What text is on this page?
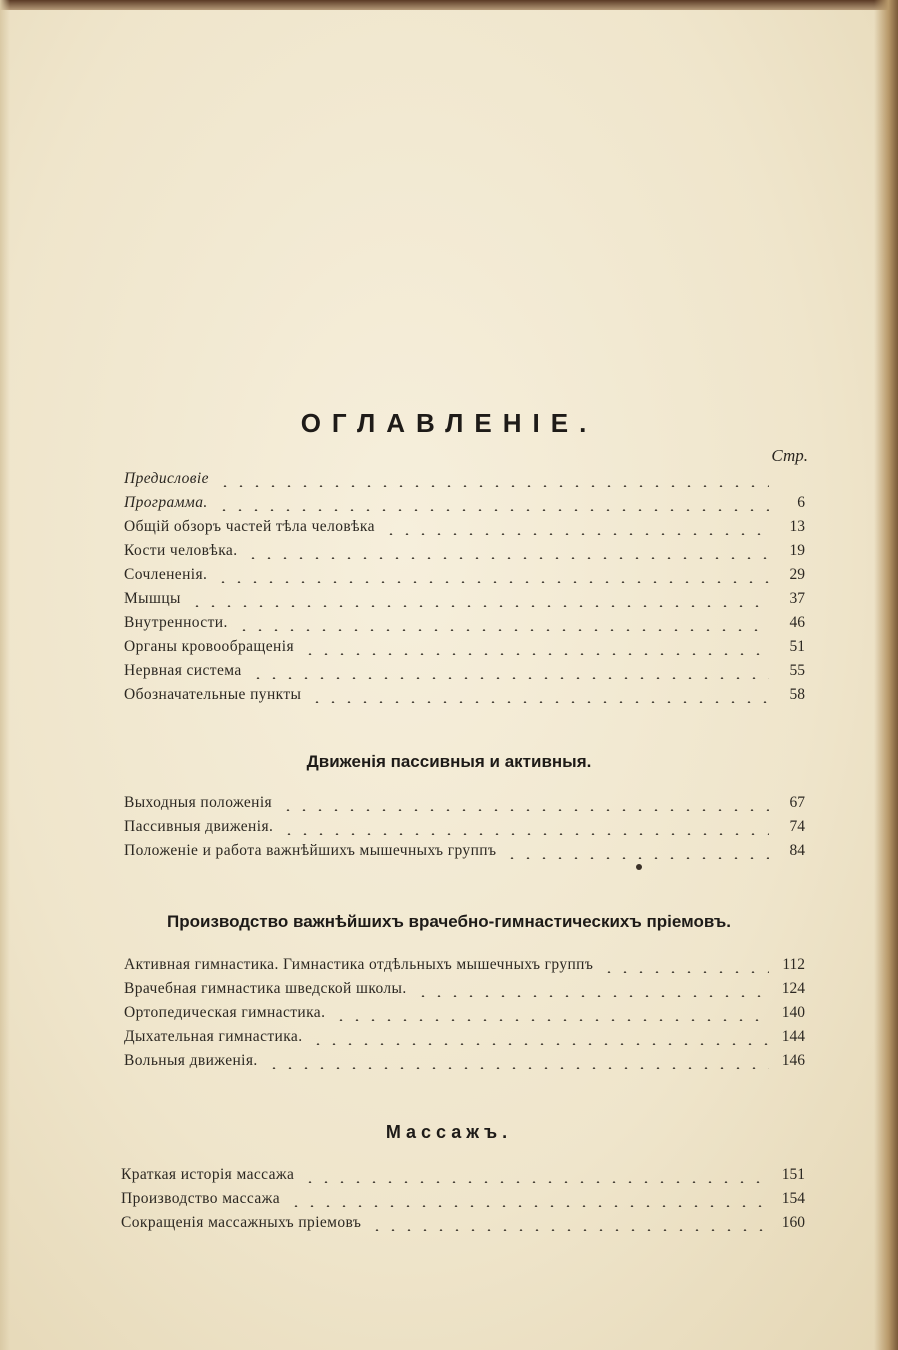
ОГЛАВЛЕНІЕ.
Стр.
Предисловіе
Программа.	6
Общій обзоръ частей тѣла человѣка	13
Кости человѣка.	19
Сочлененія.	29
Мышцы	37
Внутренности.	46
Органы кровообращенія	51
Нервная система	55
Обозначательные пункты	58
Движенія пассивныя и активныя.
Выходныя положенія	67
Пассивныя движенія.	74
Положеніе и работа важнѣйшихъ мышечныхъ группъ	84
Производство важнѣйшихъ врачебно-гимнастическихъ пріемовъ.
Активная гимнастика. Гимнастика отдѣльныхъ мышечныхъ группъ	112
Врачебная гимнастика шведской школы.	124
Ортопедическая гимнастика.	140
Дыхательная гимнастика.	144
Вольныя движенія.	146
Массажъ.
Краткая исторія массажа	151
Производство массажа	154
Сокращенія массажныхъ пріемовъ	160
